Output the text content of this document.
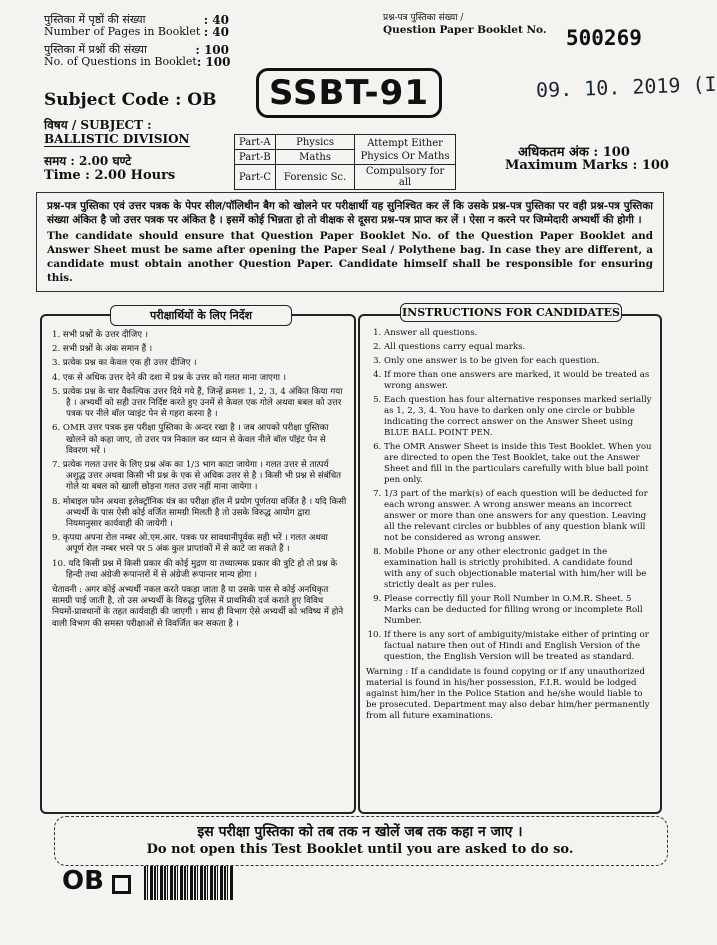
पुस्तिका में पृष्ठों की संख्या	: 40
Number of Pages in Booklet : 40
पुस्तिका में प्रश्नों की संख्या	: 100
No. of Questions in Booklet : 100
प्रश्न-पत्र पुस्तिका संख्या /
Question Paper Booklet No. 500269
09. 10. 2019 (I
Subject Code : OB	SSBT-91
विषय / SUBJECT :
BALLISTIC DIVISION
समय : 2.00 घण्टे
Time : 2.00 Hours
Part-A	Physics	Attempt Either Physics Or Maths
Part-B	Maths	
Part-C	Forensic Sc.	Compulsory for all
अधिकतम अंक : 100
Maximum Marks : 100
प्रश्न-पत्र पुस्तिका एवं उत्तर पत्रक के पेपर सील/पॉलिथीन बैग को खोलने पर परीक्षार्थी यह सुनिश्चित कर लें कि उसके प्रश्न-पत्र पुस्तिका पर वही प्रश्न-पत्र पुस्तिका संख्या अंकित है जो उत्तर पत्रक पर अंकित है । इसमें कोई भिन्नता हो तो वीक्षक से दूसरा प्रश्न-पत्र प्राप्त कर लें । ऐसा न करने पर जिम्मेदारी अभ्यर्थी की होगी ।
The candidate should ensure that Question Paper Booklet No. of the Question Paper Booklet and Answer Sheet must be same after opening the Paper Seal / Polythene bag. In case they are different, a candidate must obtain another Question Paper. Candidate himself shall be responsible for ensuring this.
परीक्षार्थियों के लिए निर्देश
1. सभी प्रश्नों के उत्तर दीजिए ।
2. सभी प्रश्नों के अंक समान हैं ।
3. प्रत्येक प्रश्न का केवल एक ही उत्तर दीजिए ।
4. एक से अधिक उत्तर देने की दशा में प्रश्न के उत्तर को गलत माना जाएगा ।
5. प्रत्येक प्रश्न के चार वैकल्पिक उत्तर दिये गये हैं, जिन्हें क्रमशः 1, 2, 3, 4 अंकित किया गया है । अभ्यर्थी को सही उत्तर निर्दिष्ट करते हुए उनमें से केवल एक गोले अथवा बबल को उत्तर पत्रक पर नीले बॉल प्वाइंट पेन से गहरा करना है ।
6. OMR उत्तर पत्रक इस परीक्षा पुस्तिका के अन्दर रखा है । जब आपको परीक्षा पुस्तिका खोलने को कहा जाए, तो उत्तर पत्र निकाल कर ध्यान से केवल नीले बॉल पॉइंट पेन से विवरण भरें ।
7. प्रत्येक गलत उत्तर के लिए प्रश्न अंक का 1/3 भाग काटा जायेगा । गलत उत्तर से तात्पर्य अशुद्ध उत्तर अथवा किसी भी प्रश्न के एक से अधिक उत्तर से है । किसी भी प्रश्न से संबंधित गोले या बबल को खाली छोड़ना गलत उत्तर नहीं माना जायेगा ।
8. मोबाइल फोन अथवा इलेक्ट्रॉनिक यंत्र का परीक्षा हॉल में प्रयोग पूर्णतया वर्जित है । यदि किसी अभ्यर्थी के पास ऐसी कोई वर्जित सामग्री मिलती है तो उसके विरुद्ध आयोग द्वारा नियमानुसार कार्यवाही की जायेगी ।
9. कृपया अपना रोल नम्बर ओ.एम.आर. पत्रक पर सावधानीपूर्वक सही भरें । गलत अथवा अपूर्ण रोल नम्बर भरने पर 5 अंक कुल प्राप्तांकों में से काटे जा सकते हैं ।
10. यदि किसी प्रश्न में किसी प्रकार की कोई मुद्रण या तथ्यात्मक प्रकार की त्रुटि हो तो प्रश्न के हिन्दी तथा अंग्रेजी रूपान्तरों में से अंग्रेजी रूपान्तर मान्य होगा ।
चेतावनी : अगर कोई अभ्यर्थी नकल करते पकड़ा जाता है या उसके पास से कोई अनधिकृत सामग्री पाई जाती है, तो उस अभ्यर्थी के विरुद्ध पुलिस में प्राथमिकी दर्ज कराते हुए विविध नियमों-प्रावधानों के तहत कार्यवाही की जाएगी । साथ ही विभाग ऐसे अभ्यर्थी को भविष्य में होने वाली विभाग की समस्त परीक्षाओं से विवर्जित कर सकता है ।
INSTRUCTIONS FOR CANDIDATES
1. Answer all questions.
2. All questions carry equal marks.
3. Only one answer is to be given for each question.
4. If more than one answers are marked, it would be treated as wrong answer.
5. Each question has four alternative responses marked serially as 1, 2, 3, 4. You have to darken only one circle or bubble indicating the correct answer on the Answer Sheet using BLUE BALL POINT PEN.
6. The OMR Answer Sheet is inside this Test Booklet. When you are directed to open the Test Booklet, take out the Answer Sheet and fill in the particulars carefully with blue ball point pen only.
7. 1/3 part of the mark(s) of each question will be deducted for each wrong answer. A wrong answer means an incorrect answer or more than one answers for any question. Leaving all the relevant circles or bubbles of any question blank will not be considered as wrong answer.
8. Mobile Phone or any other electronic gadget in the examination hall is strictly prohibited. A candidate found with any of such objectionable material with him/her will be strictly dealt as per rules.
9. Please correctly fill your Roll Number in O.M.R. Sheet. 5 Marks can be deducted for filling wrong or incomplete Roll Number.
10. If there is any sort of ambiguity/mistake either of printing or factual nature then out of Hindi and English Version of the question, the English Version will be treated as standard.
Warning : If a candidate is found copying or if any unauthorized material is found in his/her possession, F.I.R. would be lodged against him/her in the Police Station and he/she would liable to be prosecuted. Department may also debar him/her permanently from all future examinations.
इस परीक्षा पुस्तिका को तब तक न खोलें जब तक कहा न जाए ।
Do not open this Test Booklet until you are asked to do so.
OB
